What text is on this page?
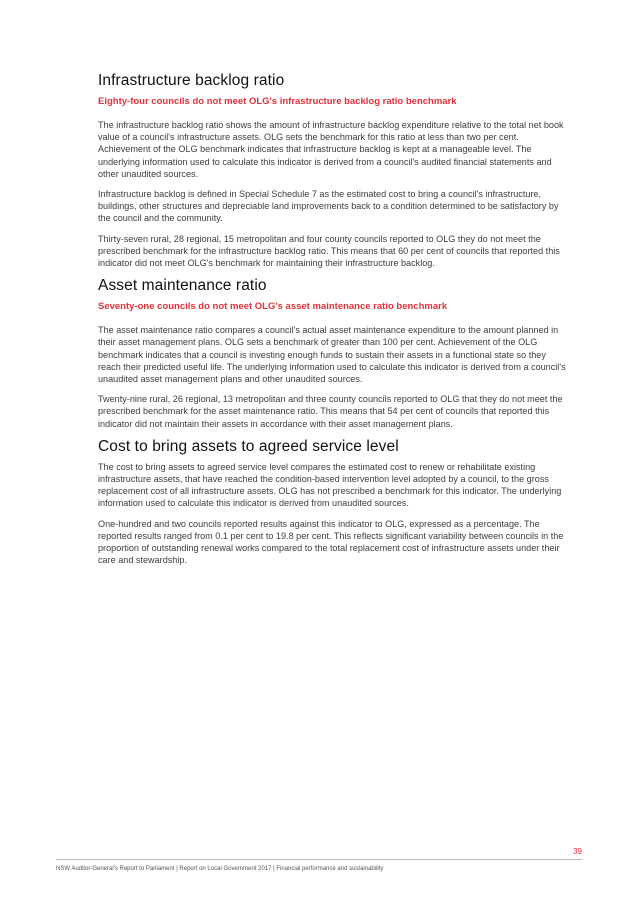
Infrastructure backlog ratio
Eighty-four councils do not meet OLG's infrastructure backlog ratio benchmark

The infrastructure backlog ratio shows the amount of infrastructure backlog expenditure relative to the total net book value of a council's infrastructure assets. OLG sets the benchmark for this ratio at less than two per cent. Achievement of the OLG benchmark indicates that infrastructure backlog is kept at a manageable level. The underlying information used to calculate this indicator is derived from a council's audited financial statements and other unaudited sources.

Infrastructure backlog is defined in Special Schedule 7 as the estimated cost to bring a council's infrastructure, buildings, other structures and depreciable land improvements back to a condition determined to be satisfactory by the council and the community.

Thirty-seven rural, 28 regional, 15 metropolitan and four county councils reported to OLG they do not meet the prescribed benchmark for the infrastructure backlog ratio. This means that 60 per cent of councils that reported this indicator did not meet OLG's benchmark for maintaining their infrastructure backlog.

Asset maintenance ratio
Seventy-one councils do not meet OLG's asset maintenance ratio benchmark

The asset maintenance ratio compares a council's actual asset maintenance expenditure to the amount planned in their asset management plans. OLG sets a benchmark of greater than 100 per cent. Achievement of the OLG benchmark indicates that a council is investing enough funds to sustain their assets in a functional state so they reach their predicted useful life. The underlying information used to calculate this indicator is derived from a council's unaudited asset management plans and other unaudited sources.

Twenty-nine rural, 26 regional, 13 metropolitan and three county councils reported to OLG that they do not meet the prescribed benchmark for the asset maintenance ratio. This means that 54 per cent of councils that reported this indicator did not maintain their assets in accordance with their asset management plans.

Cost to bring assets to agreed service level

The cost to bring assets to agreed service level compares the estimated cost to renew or rehabilitate existing infrastructure assets, that have reached the condition-based intervention level adopted by a council, to the gross replacement cost of all infrastructure assets. OLG has not prescribed a benchmark for this indicator. The underlying information used to calculate this indicator is derived from unaudited sources.

One-hundred and two councils reported results against this indicator to OLG, expressed as a percentage. The reported results ranged from 0.1 per cent to 19.8 per cent. This reflects significant variability between councils in the proportion of outstanding renewal works compared to the total replacement cost of infrastructure assets under their care and stewardship.

39
NSW Auditor-General's Report to Parliament | Report on Local Government 2017 | Financial performance and sustainability
